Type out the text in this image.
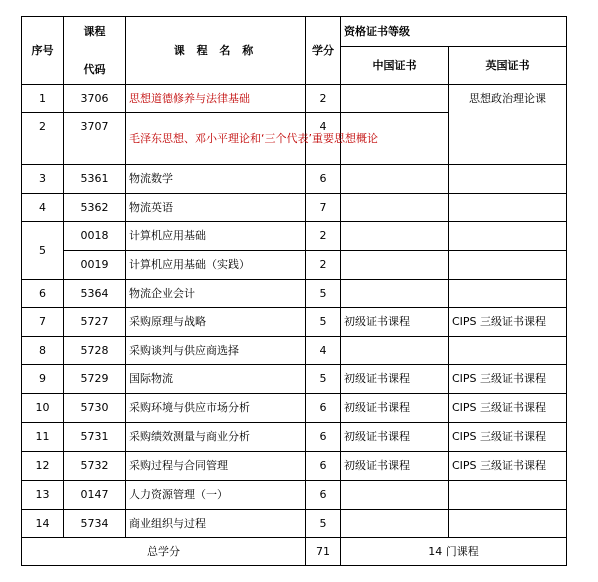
序号	课程
代码	课 程 名 称	学分	资格证书等级	
				中国证书	英国证书
1	3706	思想道德修养与法律基础	2		思想政治理论课
2	3707	毛泽东思想、邓小平理论和‘三个代表’重要思想概论	4		
3	5361	物流数学	6		
4	5362	物流英语	7		
5	0018	计算机应用基础	2		
	0019	计算机应用基础（实践）	2		
6	5364	物流企业会计	5		
7	5727	采购原理与战略	5	初级证书课程	CIPS 三级证书课程
8	5728	采购谈判与供应商选择	4		
9	5729	国际物流	5	初级证书课程	CIPS 三级证书课程
10	5730	采购环境与供应市场分析	6	初级证书课程	CIPS 三级证书课程
11	5731	采购绩效测量与商业分析	6	初级证书课程	CIPS 三级证书课程
12	5732	采购过程与合同管理	6	初级证书课程	CIPS 三级证书课程
13	0147	人力资源管理（一）	6		
14	5734	商业组织与过程	5		
总学分			71	14 门课程	
